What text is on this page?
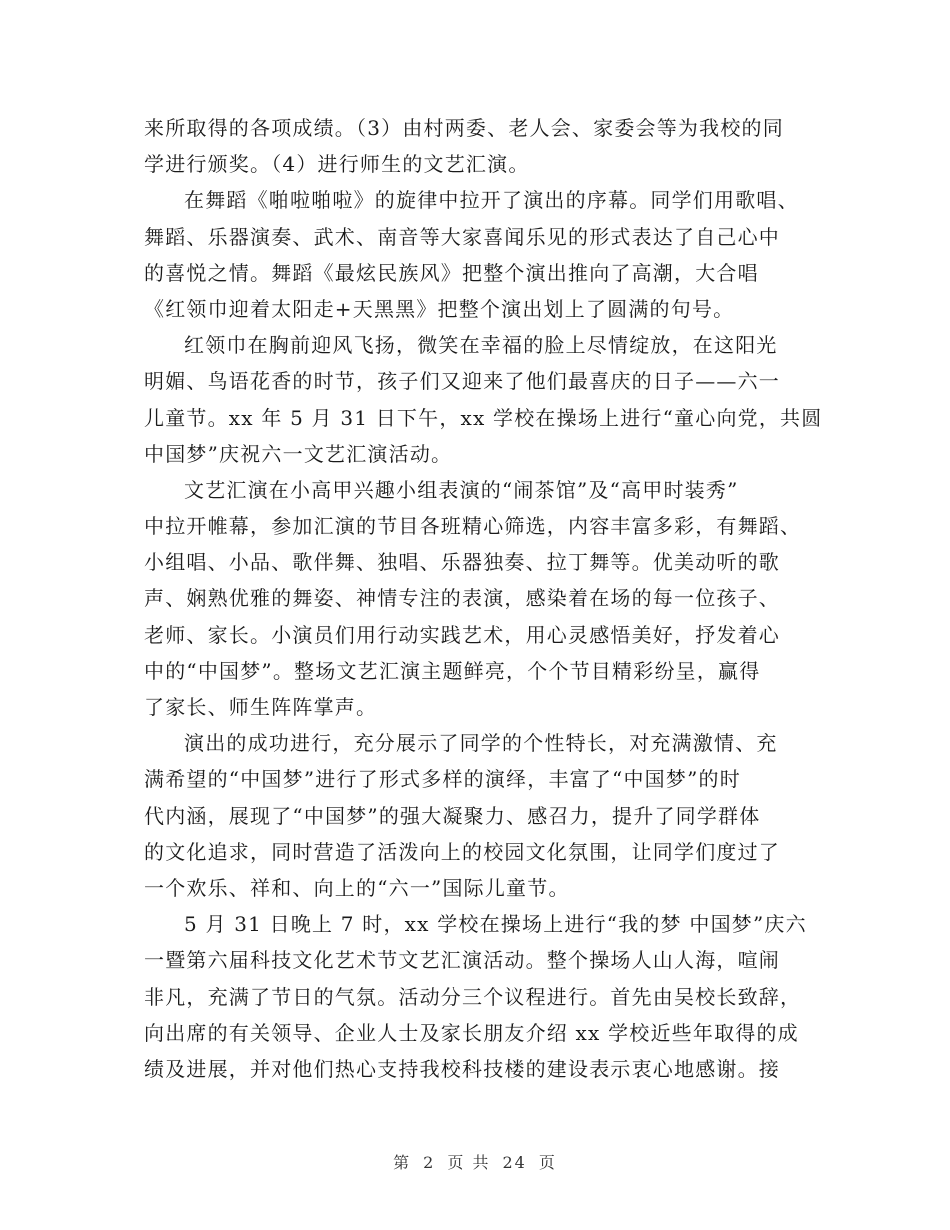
来所取得的各项成绩。（3）由村两委、老人会、家委会等为我校的同
学进行颁奖。（4）进行师生的文艺汇演。
在舞蹈《啪啦啪啦》的旋律中拉开了演出的序幕。同学们用歌唱、
舞蹈、乐器演奏、武术、南音等大家喜闻乐见的形式表达了自己心中
的喜悦之情。舞蹈《最炫民族风》把整个演出推向了高潮，大合唱
《红领巾迎着太阳走+天黑黑》把整个演出划上了圆满的句号。
红领巾在胸前迎风飞扬，微笑在幸福的脸上尽情绽放，在这阳光
明媚、鸟语花香的时节，孩子们又迎来了他们最喜庆的日子——六一
儿童节。xx 年 5 月 31 日下午，xx 学校在操场上进行“童心向党，共圆
中国梦”庆祝六一文艺汇演活动。
文艺汇演在小高甲兴趣小组表演的“闹茶馆”及“高甲时装秀”
中拉开帷幕，参加汇演的节目各班精心筛选，内容丰富多彩，有舞蹈、
小组唱、小品、歌伴舞、独唱、乐器独奏、拉丁舞等。优美动听的歌
声、娴熟优雅的舞姿、神情专注的表演，感染着在场的每一位孩子、
老师、家长。小演员们用行动实践艺术，用心灵感悟美好，抒发着心
中的“中国梦”。整场文艺汇演主题鲜亮，个个节目精彩纷呈，赢得
了家长、师生阵阵掌声。
演出的成功进行，充分展示了同学的个性特长，对充满激情、充
满希望的“中国梦”进行了形式多样的演绎，丰富了“中国梦”的时
代内涵，展现了“中国梦”的强大凝聚力、感召力，提升了同学群体
的文化追求，同时营造了活泼向上的校园文化氛围，让同学们度过了
一个欢乐、祥和、向上的“六一”国际儿童节。
5 月 31 日晚上 7 时，xx 学校在操场上进行“我的梦 中国梦”庆六
一暨第六届科技文化艺术节文艺汇演活动。整个操场人山人海，喧闹
非凡，充满了节日的气氛。活动分三个议程进行。首先由吴校长致辞，
向出席的有关领导、企业人士及家长朋友介绍 xx 学校近些年取得的成
绩及进展，并对他们热心支持我校科技楼的建设表示衷心地感谢。接
第 2 页 共 24 页
